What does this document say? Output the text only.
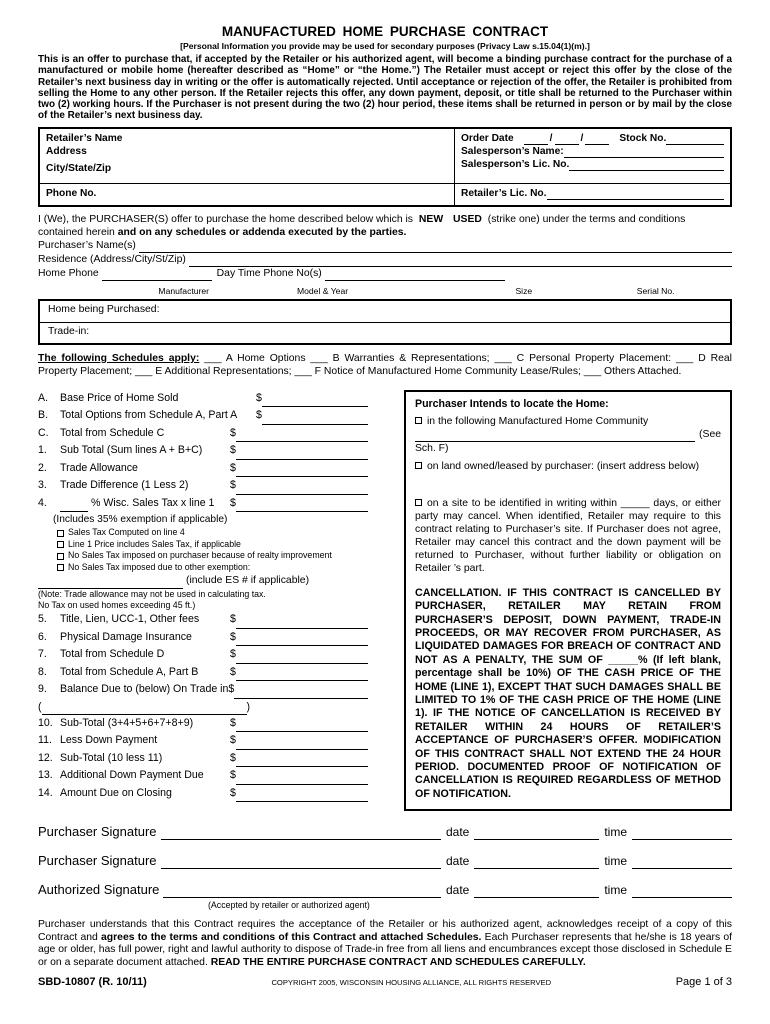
MANUFACTURED HOME PURCHASE CONTRACT
[Personal Information you provide may be used for secondary purposes (Privacy Law s.15.04(1)(m).]
This is an offer to purchase that, if accepted by the Retailer or his authorized agent, will become a binding purchase contract for the purchase of a manufactured or mobile home (hereafter described as “Home” or “the Home.”) The Retailer must accept or reject this offer by the close of the Retailer’s next business day in writing or the offer is automatically rejected. Until acceptance or rejection of the offer, the Retailer is prohibited from selling the Home to any other person. If the Retailer rejects this offer, any down payment, deposit, or title shall be returned to the Purchaser within two (2) working hours. If the Purchaser is not present during the two (2) hour period, these items shall be returned in person or by mail by the close of the Retailer’s next business day.
Retailer’s Name
Address
City/State/Zip
Order Date	/	/	Stock No.
Salesperson’s Name:
Salesperson’s Lic. No.
Phone No.	Retailer’s Lic. No.
I (We), the PURCHASER(S) offer to purchase the home described below which is NEW USED (strike one) under the terms and conditions contained herein and on any schedules or addenda executed by the parties.
Purchaser’s Name(s)
Residence (Address/City/St/Zip)
Home Phone	Day Time Phone No(s)
Manufacturer	Model & Year	Size	Serial No.
Home being Purchased:
Trade-in:
The following Schedules apply: ___ A Home Options ___ B Warranties & Representations; ___ C Personal Property Placement: ___ D Real Property Placement; ___ E Additional Representations; ___ F Notice of Manufactured Home Community Lease/Rules; ___ Others Attached.
A.	Base Price of Home Sold	$
B.	Total Options from Schedule A, Part A	$
C.	Total from Schedule C	$
1.	Sub Total (Sum lines A + B+C)	$
2.	Trade Allowance	$
3.	Trade Difference (1 Less 2)	$
4.	% Wisc. Sales Tax x line 1	$
(Includes 35% exemption if applicable)
Sales Tax Computed on line 4
Line 1 Price includes Sales Tax, if applicable
No Sales Tax imposed on purchaser because of realty improvement
No Sales Tax imposed due to other exemption:
(include ES # if applicable)
(Note: Trade allowance may not be used in calculating tax.
No Tax on used homes exceeding 45 ft.)
5.	Title, Lien, UCC-1, Other fees	$
6.	Physical Damage Insurance	$
7.	Total from Schedule D	$
8.	Total from Schedule A, Part B	$
9.	Balance Due to (below) On Trade in $
(	)
10. Sub-Total (3+4+5+6+7+8+9)	$
11. Less Down Payment	$
12. Sub-Total (10 less 11)	$
13. Additional Down Payment Due	$
14. Amount Due on Closing	$
Purchaser Intends to locate the Home:
in the following Manufactured Home Community
(See
Sch. F)
on land owned/leased by purchaser: (insert address below)
on a site to be identified in writing within _____ days, or either party may cancel. When identified, Retailer may require to this contract relating to Purchaser’s site. If Purchaser does not agree, Retailer may cancel this contract and the down payment will be returned to Purchaser, without further liability or obligation on Retailer ’s part.
CANCELLATION. IF THIS CONTRACT IS CANCELLED BY PURCHASER, RETAILER MAY RETAIN FROM PURCHASER’S DEPOSIT, DOWN PAYMENT, TRADE-IN PROCEEDS, OR MAY RECOVER FROM PURCHASER, AS LIQUIDATED DAMAGES FOR BREACH OF CONTRACT AND NOT AS A PENALTY, THE SUM OF _____% (If left blank, percentage shall be 10%) OF THE CASH PRICE OF THE HOME (LINE 1), EXCEPT THAT SUCH DAMAGES SHALL BE LIMITED TO 1% OF THE CASH PRICE OF THE HOME (LINE 1). IF THE NOTICE OF CANCELLATION IS RECEIVED BY RETAILER WITHIN 24 HOURS OF RETAILER’S ACCEPTANCE OF PURCHASER’S OFFER. MODIFICATION OF THIS CONTRACT SHALL NOT EXTEND THE 24 HOUR PERIOD. DOCUMENTED PROOF OF NOTIFICATION OF CANCELLATION IS REQUIRED REGARDLESS OF METHOD OF NOTIFICATION.
Purchaser Signature	date	time
Purchaser Signature	date	time
Authorized Signature	date	time
(Accepted by retailer or authorized agent)
Purchaser understands that this Contract requires the acceptance of the Retailer or his authorized agent, acknowledges receipt of a copy of this Contract and agrees to the terms and conditions of this Contract and attached Schedules. Each Purchaser represents that he/she is 18 years of age or older, has full power, right and lawful authority to dispose of Trade-in free from all liens and encumbrances except those disclosed in Schedule E or on a separate document attached. READ THE ENTIRE PURCHASE CONTRACT AND SCHEDULES CAREFULLY.
SBD-10807 (R. 10/11)	COPYRIGHT 2005, WISCONSIN HOUSING ALLIANCE, ALL RIGHTS RESERVED	Page 1 of 3
